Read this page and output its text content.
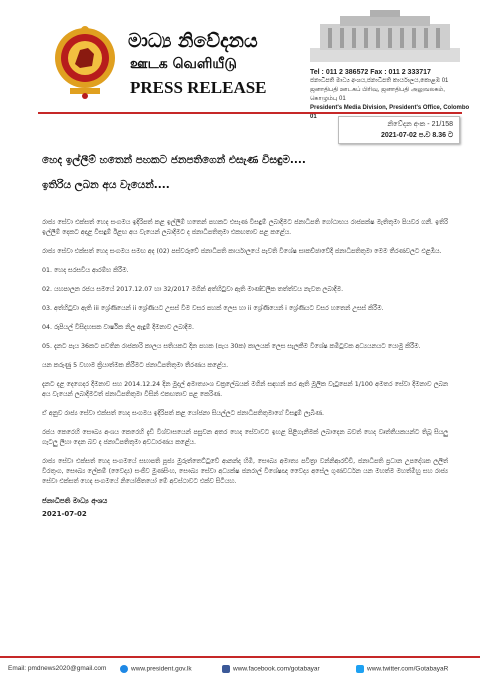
මාධ්‍ය නිවේදනය
ஊடக வெளியீடு
PRESS RELEASE
Tel : 011 2 386572 Fax : 011 2 333717
ජනාධිපති මාධ්‍ය අංශය,ජනාධිපති කාර්යාලය,කොළඹ 01
ஜனாதிபதி ஊடகப் பிரிவு, ஜனாதிபதி அலுவலகம், கொழும்பு 01
President's Media Division, President's Office, Colombo 01
නිවේදන අංක - 21/158
2021-07-02 ප.ව 8.36 ට
හෙද ඉල්ලීම් හතෙන් පහකට ජනපතිගෙන් එසැණ විසඳුම....
ඉතිරිය ලබන අය වැයෙන්....

රාජ්‍ය සේවා එක්සත් හෙද සංගමය ඉදිරිපත් කළ ඉල්ලීම් හතෙන් පහකට එසැණ විසඳුම් ලබාදීමට ජනාධිපති ගෝඨාභය රාජපක්ෂ මැතිතුමා පියවර ගනී. ඉතිරි ඉල්ලීම් දෙකට අදාළ විසඳුම් ඊළඟ අය වැයෙන් ලබාදීමට ද ජනාධිපතිතුමා එකඟතාව පළ කළේය.

රාජ්‍ය සේවා එක්සත් හෙද සංගමය සමඟ අද (02) පස්වරුවේ ජනාධිපති කාර්යාලයේ පැවති විශේෂ සාකච්ඡාවේදී ජනාධිපතිතුමා මෙම තීරණවලට එළඹීය.

01. හෙද සරසවිය ආරම්භ කිරීම.

02. යහපාලන රජය සමයේ 2017.12.07 හා 32/2017 මගින් අත්හිටුවා ඇති මාණ්ඩලික තත්ත්වය නැවත ලබාදීම.

03. අත්හිටුවා ඇති iii ශ්‍රේණියෙන් ii ශ්‍රේණියට උසස් වීම වසර පහක් ලෙස හා ii ශ්‍රේණියෙන් i ශ්‍රේණියට වසර හතෙන් උසස් කිරීම.

04. රුපියල් විසිදහසක වාර්ෂික නිල ඇඳුම් දීමනාව ලබාදීම.

05. දැනට පැය 36කට පවතින රාජකාරි කාලය සතියකට දින පහක (පැය 30ක) කාලයක් ලෙස සැලකීම විශේෂ කමිටුවක අධ්‍යයනයට යොමු කිරීම.

යන කරුණු 5 වහාම ක්‍රියාත්මක කිරීමට ජනාධිපතිතුමා තීරණය කළේය.

දැනට දළ දෙගෙදර දීමනාව සහ 2014.12.24 දින මුදල් අමාත්‍යාංශ චක්‍රලේඛයක් මගින් සඳහන් කර ඇති මූලික වැටුපෙන් 1/100 අමතර සේවා දීමනාව ලබන අය වැයෙන් ලබාදීමටත් ජනාධිපතිතුමා විසින් එකඟතාව පළ කෙරිණ.

ඒ අනුව රාජ්‍ය සේවා එක්සත් හෙද සංගමය ඉදිරිපත් කළ යෝජනා සියල්ලට ජනාධිපතිතුමාගේ විසඳුම් ලැබිණ.

රජය කෙරෙහි සෞඛ්‍ය අංශය කෙරෙහි දැඩි විශ්වාසයෙන් පසුවන අතර හෙද සේවාවට ඉහළ පිළිගැනීමක් ලබාදෙන බවත් හෙද වෘත්තීයකයන්ට තිබූ සියලු ගැටලු ලිහා දෙන බව ද ජනාධිපතිතුමා අවධාරණය කළේය.

රාජ්‍ය සේවා එක්සත් හෙද සංගමයේ සභාපති පූජ්‍ය මුරුත්තෙට්ටුවේ ආනන්ද හිමි, සෞඛ්‍ය අමාත්‍ය පවිත්‍රා වන්නිආරච්චි, ජනාධිපති ප්‍රධාන උපදේශක ලලිත් වීරතුංග, සෞඛ්‍ය ලේකම් (වෛද්‍ය) සංජීව මුණසිංහ, සෞඛ්‍ය සේවා අධ්‍යක්ෂ ජනරාල් විශේෂඥ වෛද්‍ය අසේල ගුණවර්ධන යන මහත්ම මහත්මීහු සහ රාජ්‍ය සේවා එක්සත් හෙද සංගමයේ නියෝජිතයෝ මේ අවස්ථාවට එක්ව සිටියහ.

ජනාධිපති මාධ්‍ය අංශය
2021-07-02
Email: pmdnews2020@gmail.com	www.president.gov.lk	www.facebook.com/gotabayar	www.twitter.com/GotabayaR
